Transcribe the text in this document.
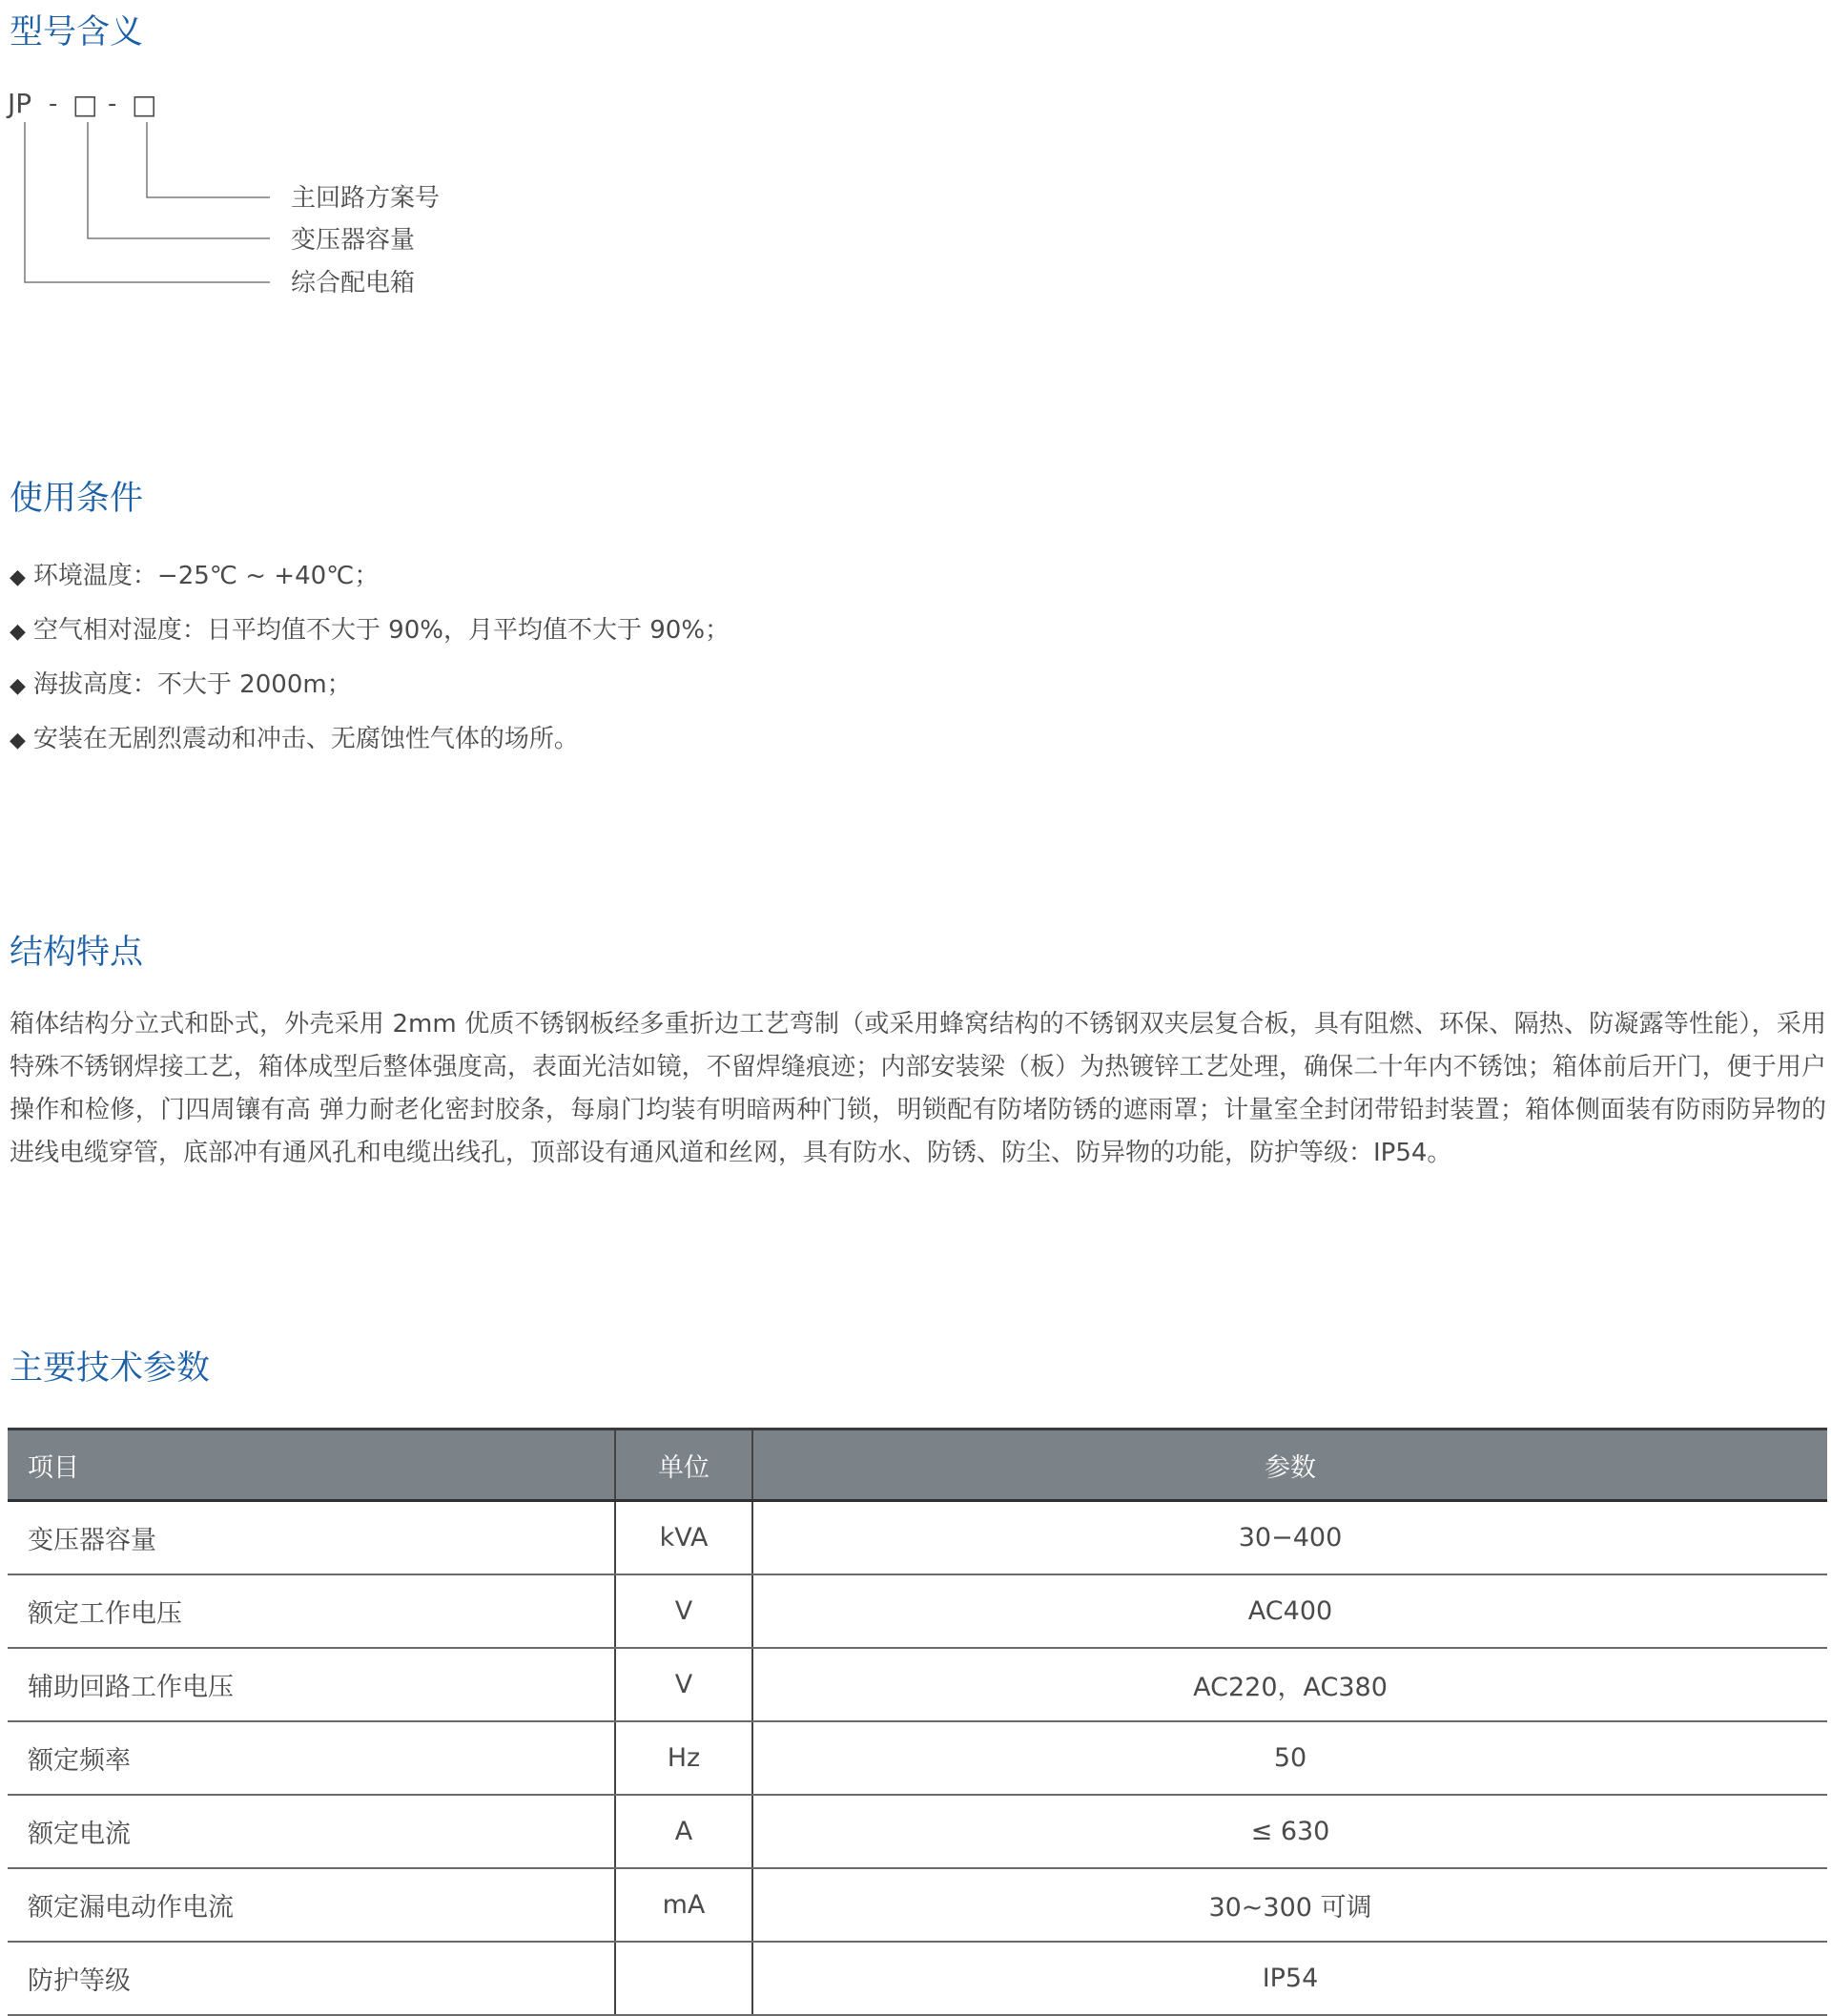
型号含义
JP - □ - □
主回路方案号
变压器容量
综合配电箱
使用条件
◆ 环境温度：−25℃ ~ +40℃；
◆ 空气相对湿度：日平均值不大于 90%，月平均值不大于 90%；
◆ 海拔高度：不大于 2000m；
◆ 安装在无剧烈震动和冲击、无腐蚀性气体的场所。
结构特点

箱体结构分立式和卧式，外壳采用 2mm 优质不锈钢板经多重折边工艺弯制（或采用蜂窝结构的不锈钢双夹层复合板，具有阻燃、环保、隔热、防凝露等性能），采用特殊不锈钢焊接工艺，箱体成型后整体强度高，表面光洁如镜，不留焊缝痕迹；内部安装梁（板）为热镀锌工艺处理，确保二十年内不锈蚀；箱体前后开门，便于用户操作和检修，门四周镶有高 弹力耐老化密封胶条，每扇门均装有明暗两种门锁，明锁配有防堵防锈的遮雨罩；计量室全封闭带铅封装置；箱体侧面装有防雨防异物的进线电缆穿管，底部冲有通风孔和电缆出线孔，顶部设有通风道和丝网，具有防水、防锈、防尘、防异物的功能，防护等级：IP54。

主要技术参数
项目	单位	参数
变压器容量	kVA	30−400
额定工作电压	V	AC400
辅助回路工作电压	V	AC220，AC380
额定频率	Hz	50
额定电流	A	≤ 630
额定漏电动作电流	mA	30~300 可调
防护等级		IP54
